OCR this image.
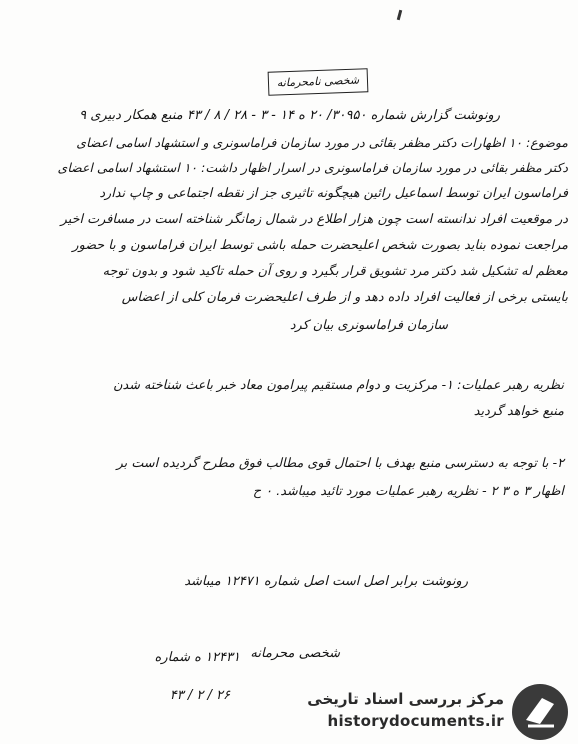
شخصی نامحرمانه
رونوشت گزارش شماره ۳۰۹۵۰/ ۲۰ ه ۱۴ - ۳ - ۲۸ / ۸ / ۴۳ منبع همکار دبیری ۹
موضوع: ۱۰ اظهارات دکتر مظفر بقائی در مورد سازمان فراماسونری و استشهاد اسامی اعضای
دکتر مظفر بقائی در مورد سازمان فراماسونری در اسرار اظهار داشت: ۱۰ استشهاد اسامی اعضای
فراماسون ایران توسط اسماعیل رائین هیچگونه تاثیری جز از نقطه اجتماعی و چاپ ندارد
در موقعیت افراد ندانسته است چون هزار اطلاع در شمال زمانگر شناخته است در مسافرت اخیر
مراجعت نموده بناید بصورت شخص اعلیحضرت حمله باشی توسط ایران فراماسون و با حضور
معظم له تشکیل شد دکتر مرد تشویق قرار بگیرد و روی آن حمله تاکید شود و بدون توجه
بایستی برخی از فعالیت افراد داده دهد و از طرف اعلیحضرت فرمان کلی از اعضاس
سازمان فراماسونری بیان کرد
نظریه رهبر عملیات: ۱- مرکزیت و دوام مستقیم پیرامون معاد خبر باعث شناخته شدن
منبع خواهد گردید
۲- با توجه به دسترسی منبع بهدف با احتمال قوی مطالب فوق مطرح گردیده است بر
اظهار ۳ ه ۳ ۲ - نظریه رهبر عملیات مورد تائید میباشد. ۰ ح
رونوشت برابر اصل است اصل شماره ۱۲۴۷۱ میباشد
شخصی محرمانه
۱۲۴۳۱ ه شماره
۲۶ / ۲ / ۴۳	مرکز بررسی اسناد تاریخی
historydocuments.ir
